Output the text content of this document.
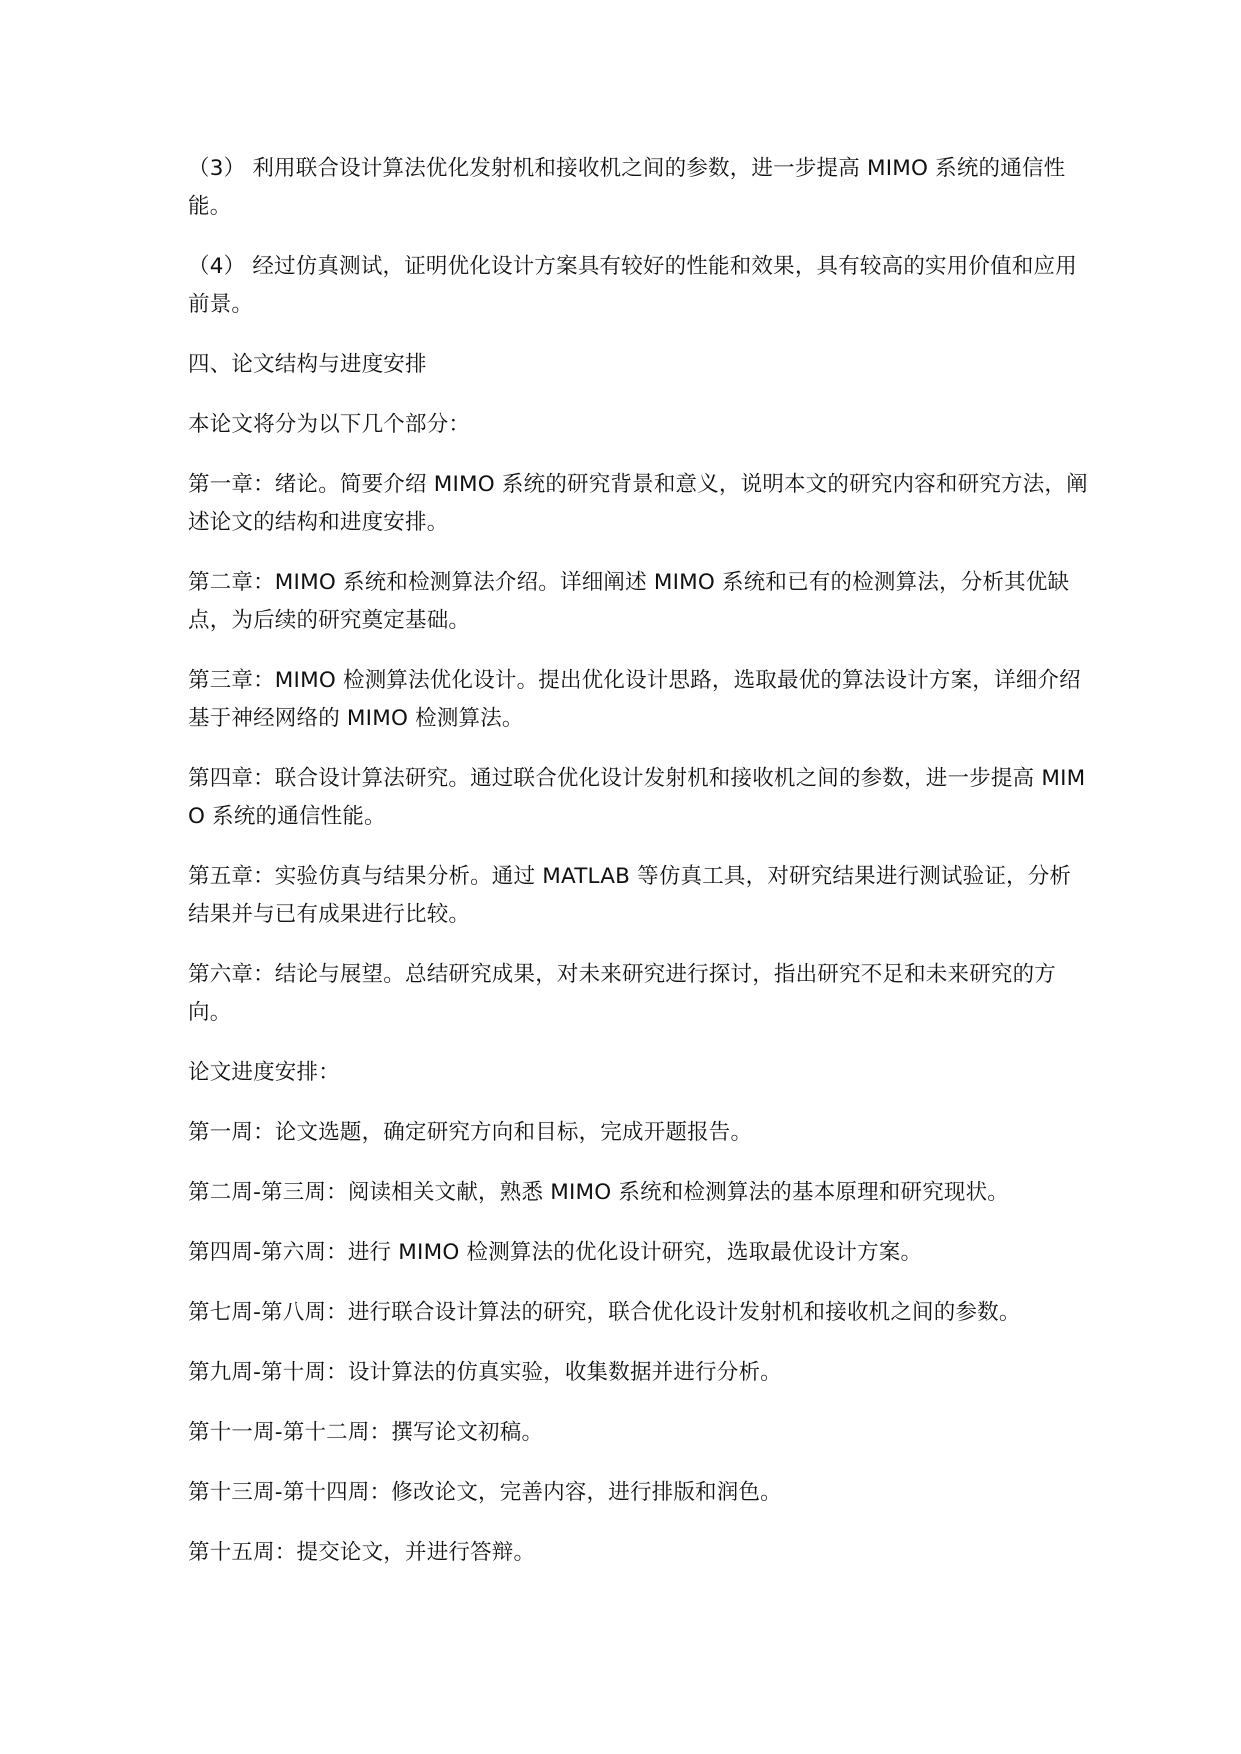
（3） 利用联合设计算法优化发射机和接收机之间的参数，进一步提高 MIMO 系统的通信性能。

（4） 经过仿真测试，证明优化设计方案具有较好的性能和效果，具有较高的实用价值和应用前景。

四、论文结构与进度安排

本论文将分为以下几个部分：

第一章：绪论。简要介绍 MIMO 系统的研究背景和意义，说明本文的研究内容和研究方法，阐述论文的结构和进度安排。

第二章：MIMO 系统和检测算法介绍。详细阐述 MIMO 系统和已有的检测算法，分析其优缺点，为后续的研究奠定基础。

第三章：MIMO 检测算法优化设计。提出优化设计思路，选取最优的算法设计方案，详细介绍基于神经网络的 MIMO 检测算法。

第四章：联合设计算法研究。通过联合优化设计发射机和接收机之间的参数，进一步提高 MIMO 系统的通信性能。

第五章：实验仿真与结果分析。通过 MATLAB 等仿真工具，对研究结果进行测试验证，分析结果并与已有成果进行比较。

第六章：结论与展望。总结研究成果，对未来研究进行探讨，指出研究不足和未来研究的方向。

论文进度安排：

第一周：论文选题，确定研究方向和目标，完成开题报告。

第二周-第三周：阅读相关文献，熟悉 MIMO 系统和检测算法的基本原理和研究现状。

第四周-第六周：进行 MIMO 检测算法的优化设计研究，选取最优设计方案。

第七周-第八周：进行联合设计算法的研究，联合优化设计发射机和接收机之间的参数。

第九周-第十周：设计算法的仿真实验，收集数据并进行分析。

第十一周-第十二周：撰写论文初稿。

第十三周-第十四周：修改论文，完善内容，进行排版和润色。

第十五周：提交论文，并进行答辩。
